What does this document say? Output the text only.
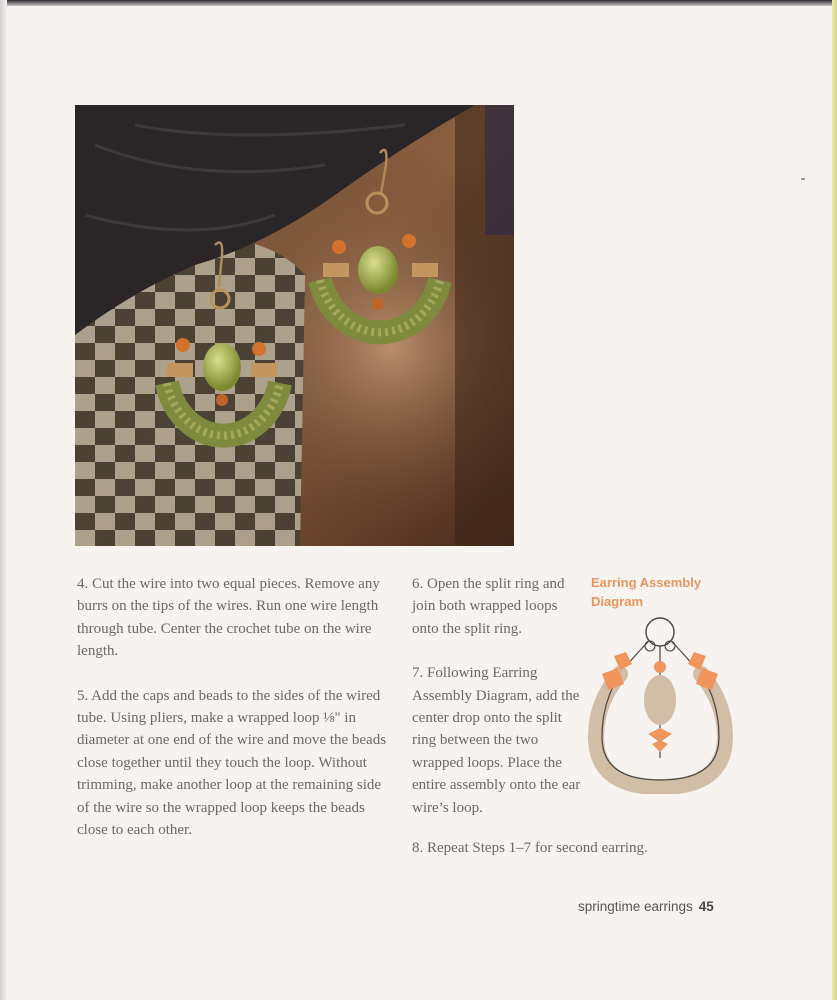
4. Cut the wire into two equal pieces. Remove any burrs on the tips of the wires. Run one wire length through tube. Center the crochet tube on the wire length.

5. Add the caps and beads to the sides of the wired tube. Using pliers, make a wrapped loop ⅛" in diameter at one end of the wire and move the beads close together until they touch the loop. Without trimming, make another loop at the remaining side of the wire so the wrapped loop keeps the beads close to each other.

6. Open the split ring and join both wrapped loops onto the split ring.

7. Following Earring Assembly Diagram, add the center drop onto the split ring between the two wrapped loops. Place the entire assembly onto the ear wire’s loop.

8. Repeat Steps 1–7 for second earring.
Earring Assembly Diagram
springtime earrings 45
